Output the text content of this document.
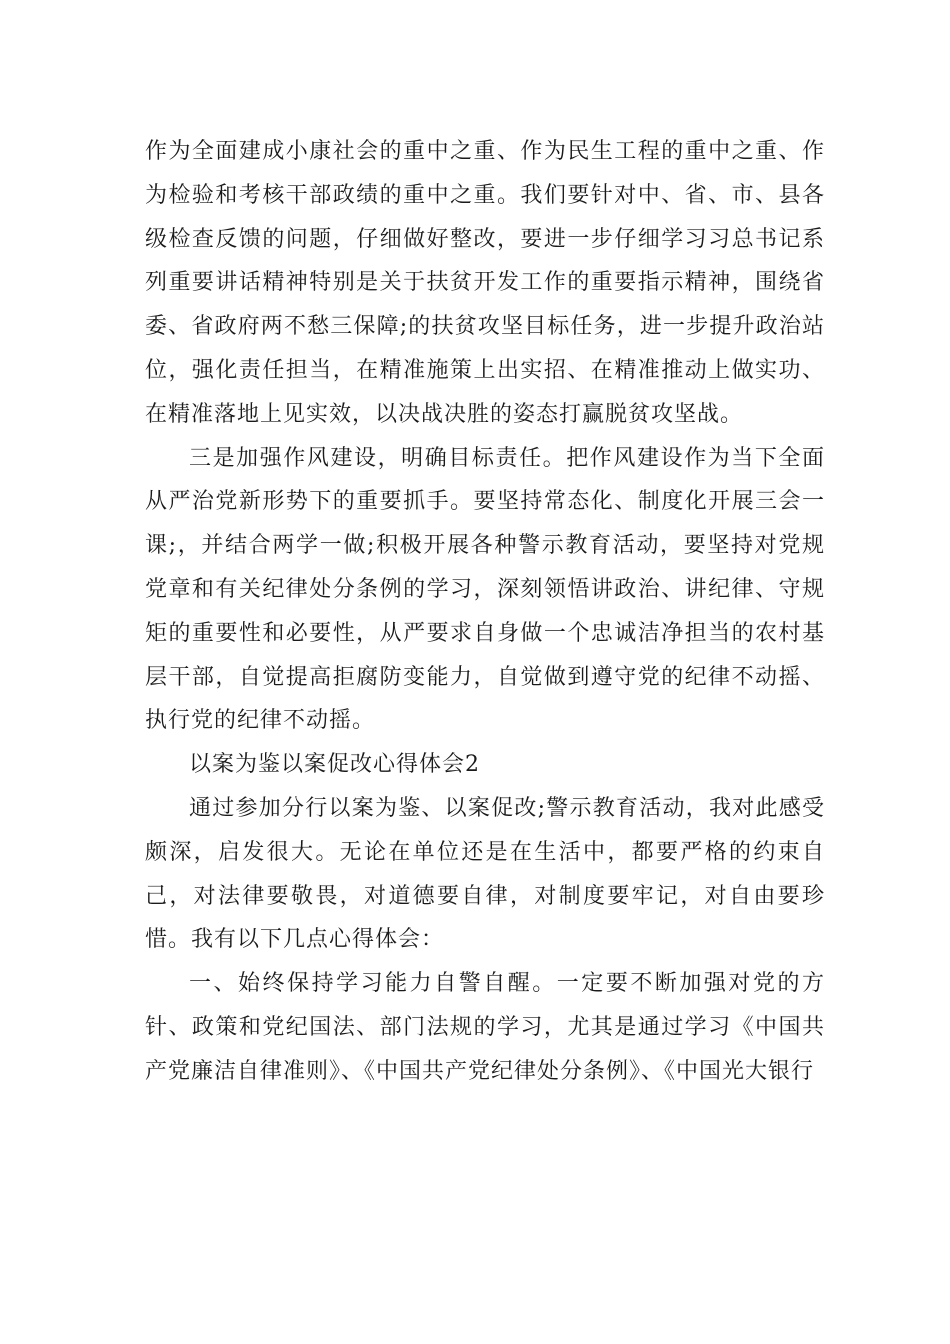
作为全面建成小康社会的重中之重、作为民生工程的重中之重、作为检验和考核干部政绩的重中之重。我们要针对中、省、市、县各级检查反馈的问题，仔细做好整改，要进一步仔细学习习总书记系列重要讲话精神特别是关于扶贫开发工作的重要指示精神，围绕省委、省政府两不愁三保障;的扶贫攻坚目标任务，进一步提升政治站位，强化责任担当，在精准施策上出实招、在精准推动上做实功、在精准落地上见实效，以决战决胜的姿态打赢脱贫攻坚战。

三是加强作风建设，明确目标责任。把作风建设作为当下全面从严治党新形势下的重要抓手。要坚持常态化、制度化开展三会一课;，并结合两学一做;积极开展各种警示教育活动，要坚持对党规党章和有关纪律处分条例的学习，深刻领悟讲政治、讲纪律、守规矩的重要性和必要性，从严要求自身做一个忠诚洁净担当的农村基层干部，自觉提高拒腐防变能力，自觉做到遵守党的纪律不动摇、执行党的纪律不动摇。

以案为鉴以案促改心得体会2

通过参加分行以案为鉴、以案促改;警示教育活动，我对此感受颇深，启发很大。无论在单位还是在生活中，都要严格的约束自己，对法律要敬畏，对道德要自律，对制度要牢记，对自由要珍惜。我有以下几点心得体会：

一、始终保持学习能力自警自醒。一定要不断加强对党的方针、政策和党纪国法、部门法规的学习，尤其是通过学习《中国共产党廉洁自律准则》、《中国共产党纪律处分条例》、《中国光大银行
